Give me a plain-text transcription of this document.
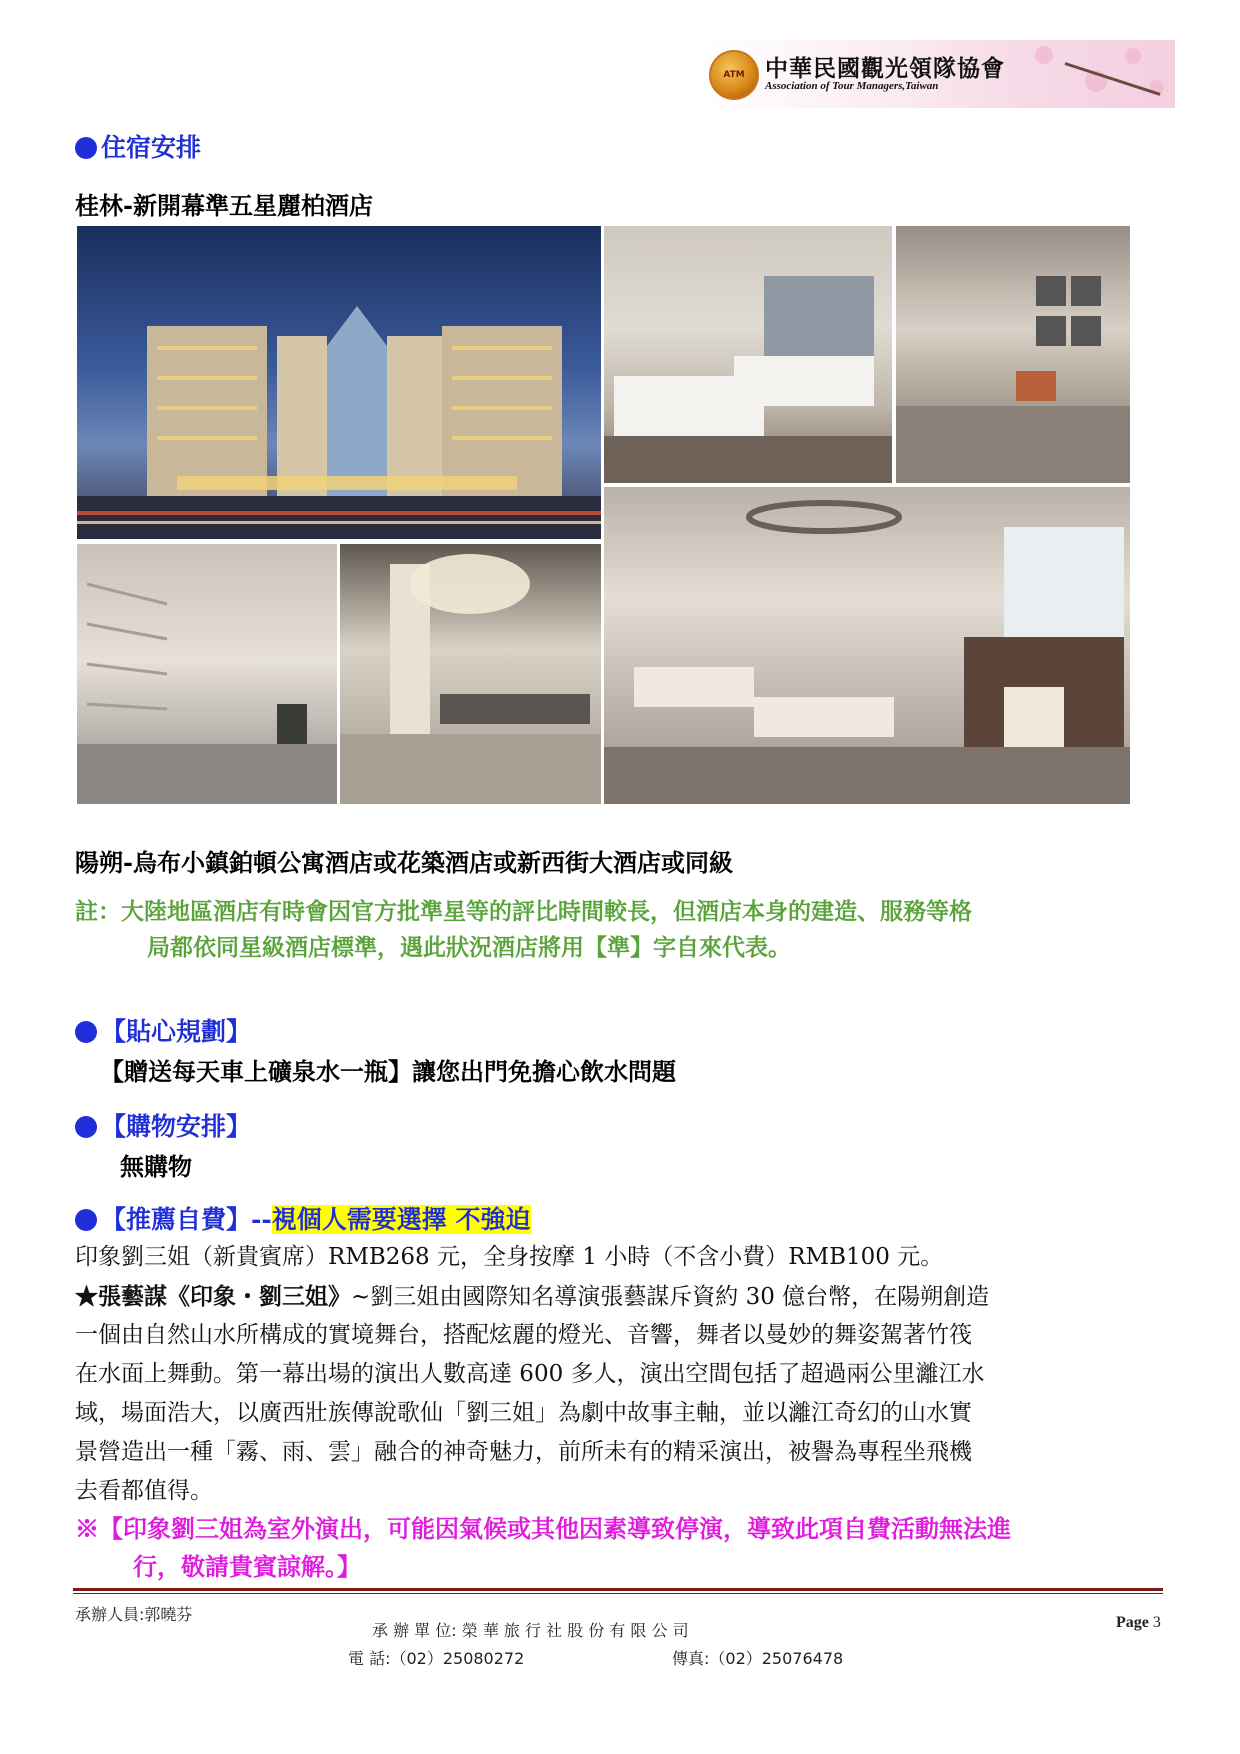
ATM 中華民國觀光領隊協會
Association of Tour Managers,Taiwan
住宿安排
桂林-新開幕準五星麗柏酒店
陽朔-烏布小鎮鉑頓公寓酒店或花築酒店或新西街大酒店或同級
註：大陸地區酒店有時會因官方批準星等的評比時間較長，但酒店本身的建造、服務等格
局都依同星級酒店標準，遇此狀況酒店將用【準】字自來代表。
【貼心規劃】
【贈送每天車上礦泉水一瓶】讓您出門免擔心飲水問題
【購物安排】
無購物
【推薦自費】--視個人需要選擇 不強迫
印象劉三姐（新貴賓席）RMB268 元，全身按摩 1 小時（不含小費）RMB100 元。
★張藝謀《印象・劉三姐》~劉三姐由國際知名導演張藝謀斥資約 30 億台幣，在陽朔創造
一個由自然山水所構成的實境舞台，搭配炫麗的燈光、音響，舞者以曼妙的舞姿駕著竹筏
在水面上舞動。第一幕出場的演出人數高達 600 多人，演出空間包括了超過兩公里灕江水
域，場面浩大，以廣西壯族傳說歌仙「劉三姐」為劇中故事主軸，並以灕江奇幻的山水實
景營造出一種「霧、雨、雲」融合的神奇魅力，前所未有的精采演出，被譽為專程坐飛機
去看都值得。
※【印象劉三姐為室外演出，可能因氣候或其他因素導致停演，導致此項自費活動無法進
行，敬請貴賓諒解。】
承辦人員:郭曉芬
承 辦 單 位: 榮 華 旅 行 社 股 份 有 限 公 司
電 話:（02）25080272	傳真:（02）25076478
Page 3
